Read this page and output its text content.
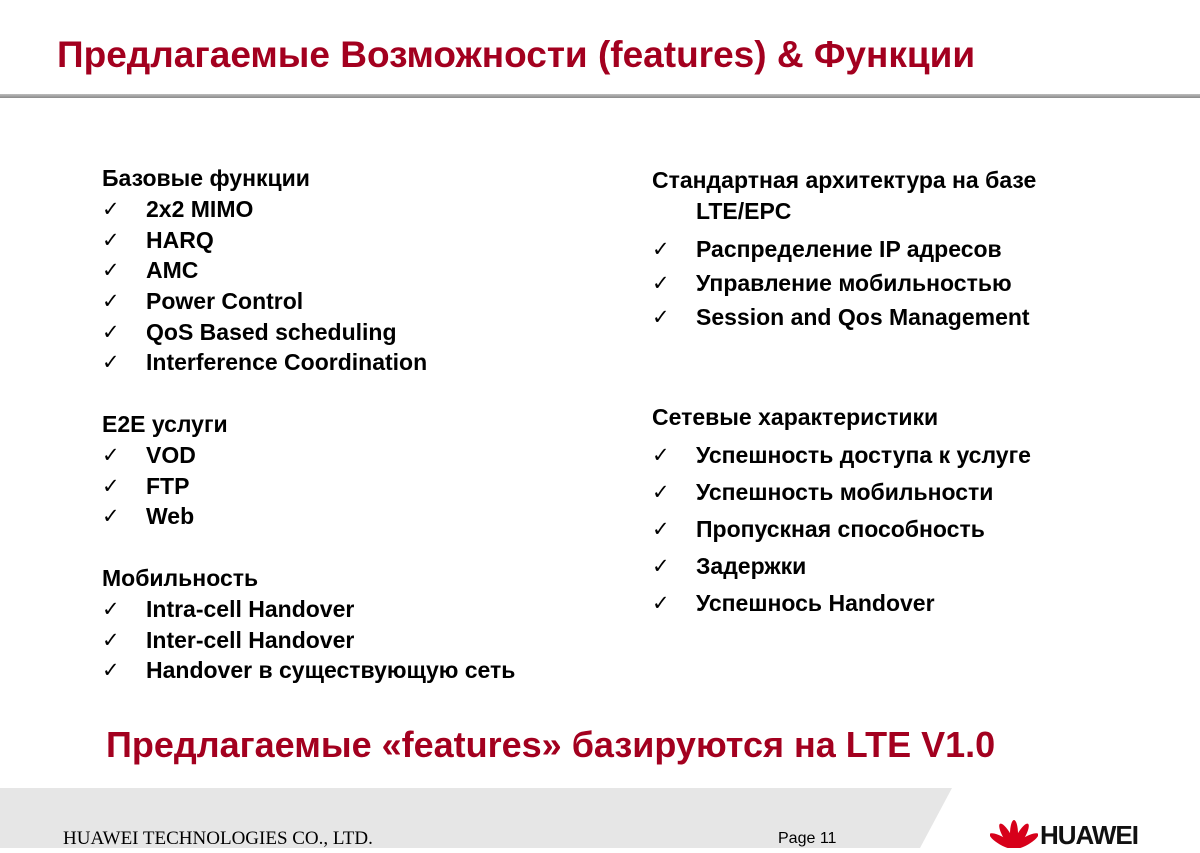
Предлагаемые Возможности (features) & Функции
Базовые функции
✓	2x2 MIMO
✓	HARQ
✓	AMC
✓	Power Control
✓	QoS Based scheduling
✓	Interference Coordination
E2E услуги
✓	VOD
✓	FTP
✓	Web
Мобильность
✓	Intra-cell Handover
✓	Inter-cell Handover
✓	Handover в существующую сеть
Стандартная архитектура на базе
LTE/EPC
✓	Распределение IP адресов
✓	Управление мобильностью
✓	Session and Qos Management
Сетевые характеристики
✓	Успешность доступа к услуге
✓	Успешность мобильности
✓	Пропускная способность
✓	Задержки
✓	Успешнось Handover
Предлагаемые «features» базируются на LTE V1.0
HUAWEI TECHNOLOGIES CO., LTD.	Page 11	HUAWEI
